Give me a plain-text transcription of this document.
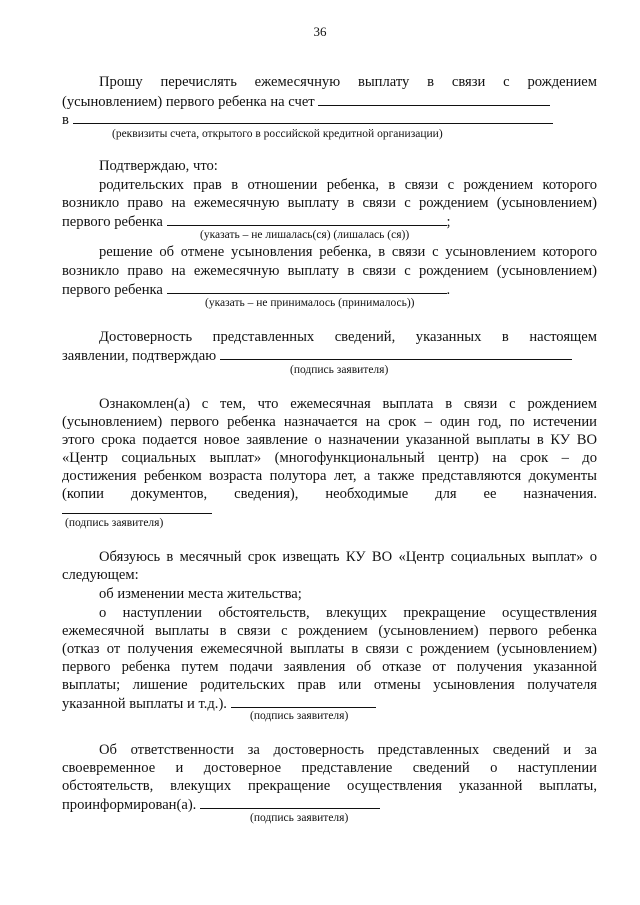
36
Прошу перечислять ежемесячную выплату в связи с рождением
(усыновлением) первого ребенка на счет
в
(реквизиты счета, открытого в российской кредитной организации)
Подтверждаю, что:
родительских прав в отношении ребенка, в связи с рождением которого
возникло право на ежемесячную выплату в связи с рождением (усыновлением)
первого ребенка	;
(указать – не лишалась(ся) (лишалась (ся))
решение об отмене усыновления ребенка, в связи с усыновлением которого
возникло право на ежемесячную выплату в связи с рождением (усыновлением)
первого ребенка	.
(указать – не принималось (принималось))
Достоверность представленных сведений, указанных в настоящем
заявлении, подтверждаю
(подпись заявителя)
Ознакомлен(а) с тем, что ежемесячная выплата в связи с рождением
(усыновлением) первого ребенка назначается на срок – один год, по истечении
этого срока подается новое заявление о назначении указанной выплаты в КУ ВО
«Центр социальных выплат» (многофункциональный центр) на срок – до
достижения ребенком возраста полутора лет, а также представляются документы
(копии документов, сведения), необходимые для ее назначения.
(подпись заявителя)
Обязуюсь в месячный срок извещать КУ ВО «Центр социальных выплат» о
следующем:
об изменении места жительства;
о наступлении обстоятельств, влекущих прекращение осуществления
ежемесячной выплаты в связи с рождением (усыновлением) первого ребенка
(отказ от получения ежемесячной выплаты в связи с рождением (усыновлением)
первого ребенка путем подачи заявления об отказе от получения указанной
выплаты; лишение родительских прав или отмены усыновления получателя
указанной выплаты и т.д.).
(подпись заявителя)
Об ответственности за достоверность представленных сведений и за
своевременное и достоверное представление сведений о наступлении
обстоятельств, влекущих прекращение осуществления указанной выплаты,
проинформирован(а).
(подпись заявителя)
